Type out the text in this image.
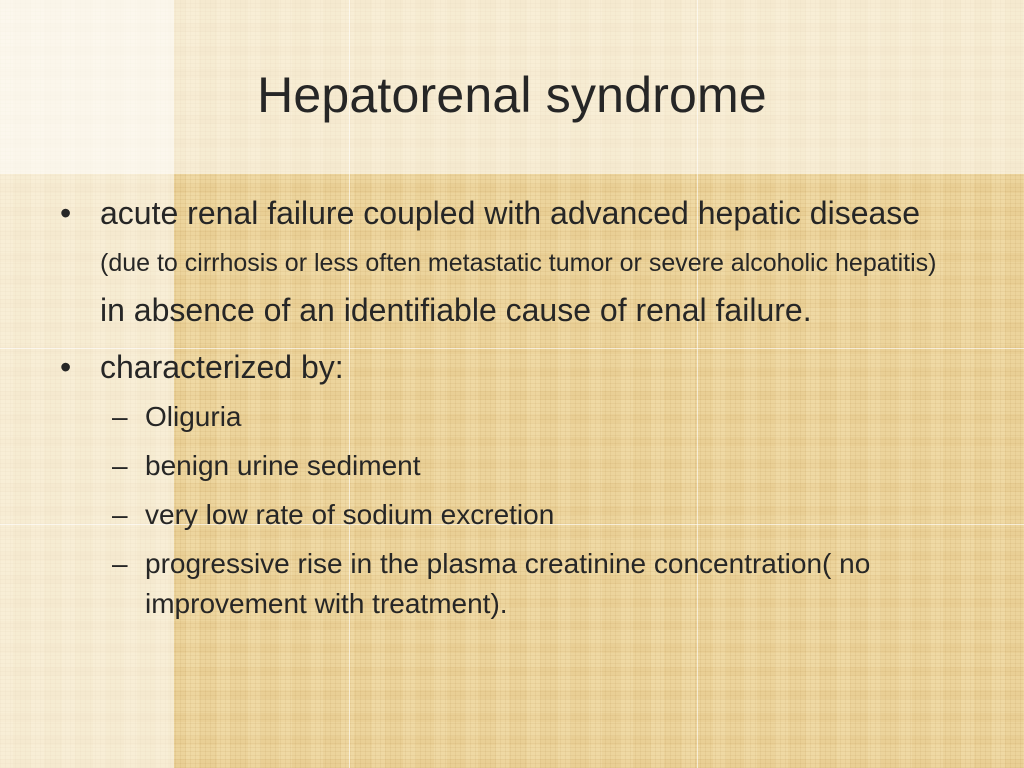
Hepatorenal syndrome
• acute renal failure coupled with advanced hepatic disease (due to cirrhosis or less often metastatic tumor or severe alcoholic hepatitis) in absence of an identifiable cause of renal failure.
• characterized by:
– Oliguria
– benign urine sediment
– very low rate of sodium excretion
– progressive rise in the plasma creatinine concentration( no improvement with treatment).
